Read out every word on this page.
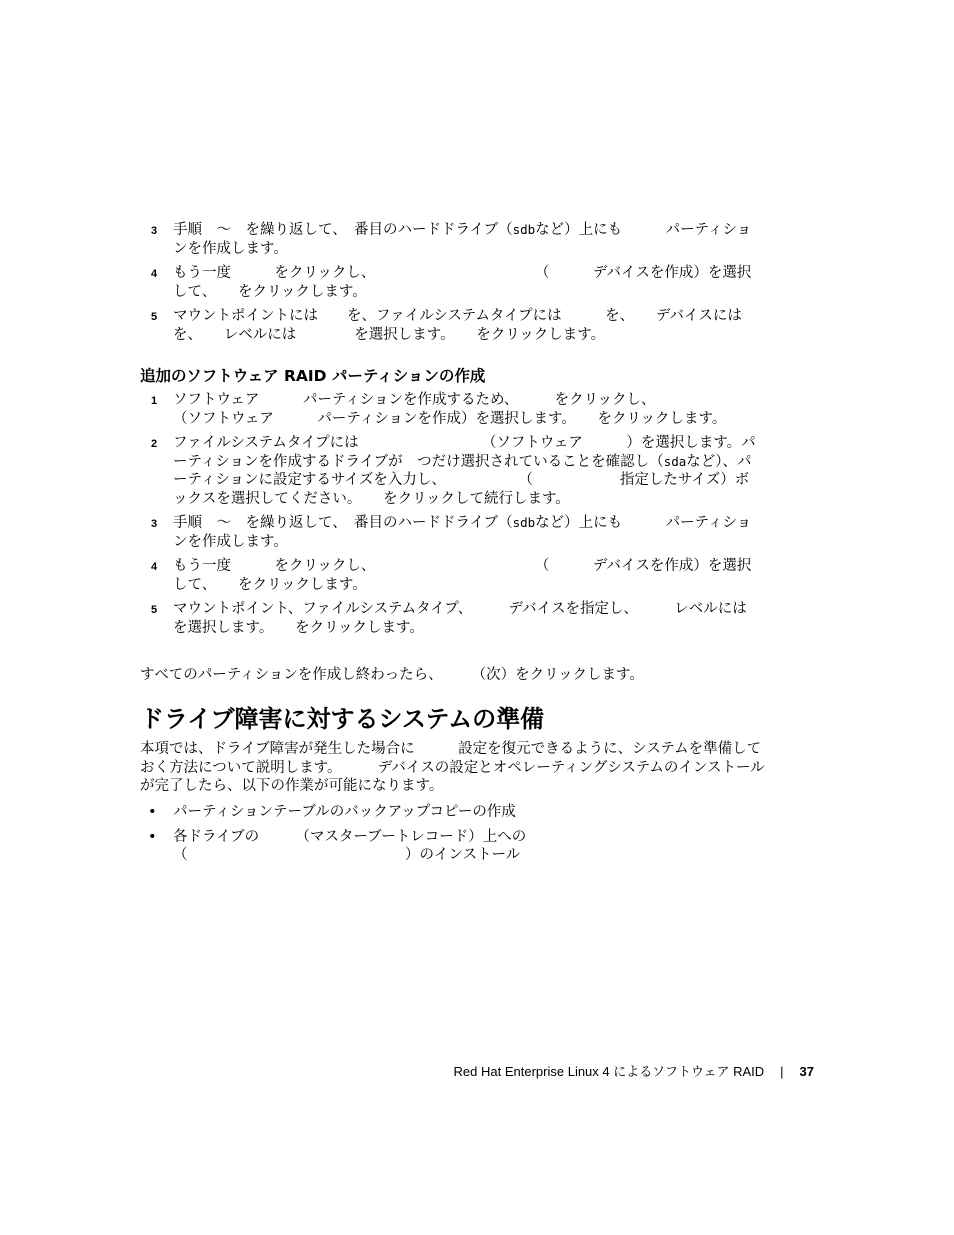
3 手順　～　を繰り返して、　番目のハードドライブ（sdbなど）上にも　　　パーティションを作成します。
4 もう一度　　　をクリックし、　　　　　　　　　　　　（　　　デバイスを作成）を選択して、　　をクリックします。
5 マウントポイントには　　を、ファイルシステムタイプには　　　を、　　デバイスには　　　を、　　レベルには　　　　を選択します。　　をクリックします。
追加のソフトウェア RAID パーティションの作成
1 ソフトウェア　　　パーティションを作成するため、　　　をクリックし、　　　　　　　　　　　　　　　　　（ソフトウェア　　　パーティションを作成）を選択します。　　をクリックします。
2 ファイルシステムタイプには　　　　　　　　　（ソフトウェア　　　）を選択します。パーティションを作成するドライブが　つだけ選択されていることを確認し（sdaなど）、パーティションに設定するサイズを入力し、　　　　　　（　　　　　　指定したサイズ）ボックスを選択してください。　　をクリックして続行します。
3 手順　～　を繰り返して、　番目のハードドライブ（sdbなど）上にも　　　パーティションを作成します。
4 もう一度　　　をクリックし、　　　　　　　　　　　　（　　　デバイスを作成）を選択して、　　をクリックします。
5 マウントポイント、ファイルシステムタイプ、　　　デバイスを指定し、　　　レベルには　　　　を選択します。　　をクリックします。

すべてのパーティションを作成し終わったら、　　　（次）をクリックします。

ドライブ障害に対するシステムの準備

本項では、ドライブ障害が発生した場合に　　　設定を復元できるように、システムを準備しておく方法について説明します。　　　デバイスの設定とオペレーティングシステムのインストールが完了したら、以下の作業が可能になります。

• パーティションテーブルのバックアップコピーの作成
• 各ドライブの　　　（マスターブートレコード）上への　（　　　　　　　　　　　　　　　）のインストール
Red Hat Enterprise Linux 4 によるソフトウェア RAID | 37
